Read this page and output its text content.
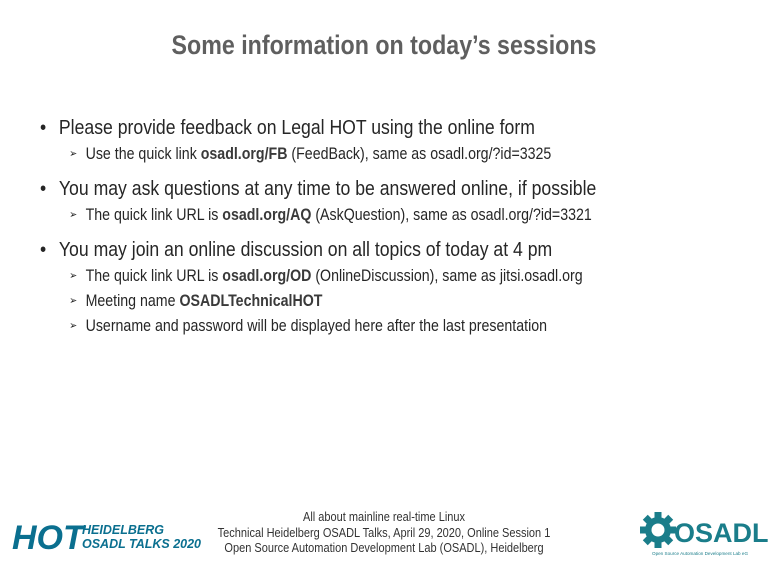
Some information on today’s sessions
• Please provide feedback on Legal HOT using the online form
➢ Use the quick link osadl.org/FB (FeedBack), same as osadl.org/?id=3325
• You may ask questions at any time to be answered online, if possible
➢ The quick link URL is osadl.org/AQ (AskQuestion), same as osadl.org/?id=3321
• You may join an online discussion on all topics of today at 4 pm
➢ The quick link URL is osadl.org/OD (OnlineDiscussion), same as jitsi.osadl.org
➢ Meeting name OSADLTechnicalHOT
➢ Username and password will be displayed here after the last presentation
All about mainline real-time Linux
Technical Heidelberg OSADL Talks, April 29, 2020, Online Session 1
Open Source Automation Development Lab (OSADL), Heidelberg
HOT
HEIDELBERG
OSADL TALKS 2020	OSADL
Open Source Automation Development Lab eG
